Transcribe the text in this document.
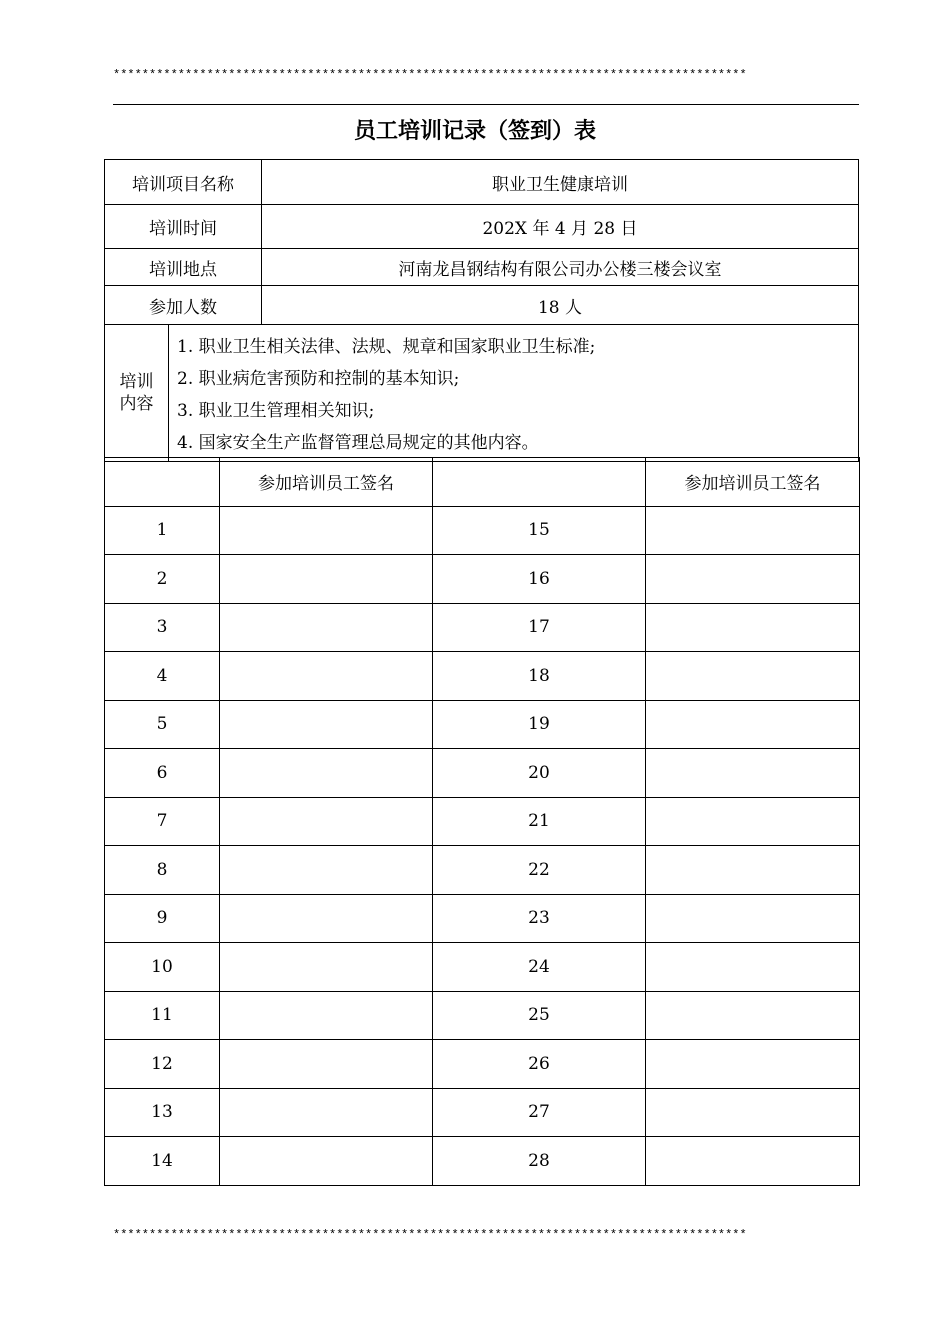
****************************************************************************************
员工培训记录（签到）表
培训项目名称	职业卫生健康培训
培训时间	202X 年 4 月 28 日
培训地点	河南龙昌钢结构有限公司办公楼三楼会议室
参加人数	18 人
培训
内容

1. 职业卫生相关法律、法规、规章和国家职业卫生标准;
2. 职业病危害预防和控制的基本知识;
3. 职业卫生管理相关知识;
4. 国家安全生产监督管理总局规定的其他内容。
	参加培训员工签名		参加培训员工签名
1		15	
2		16	
3		17	
4		18	
5		19	
6		20	
7		21	
8		22	
9		23	
10		24	
11		25	
12		26	
13		27	
14		28	
****************************************************************************************
